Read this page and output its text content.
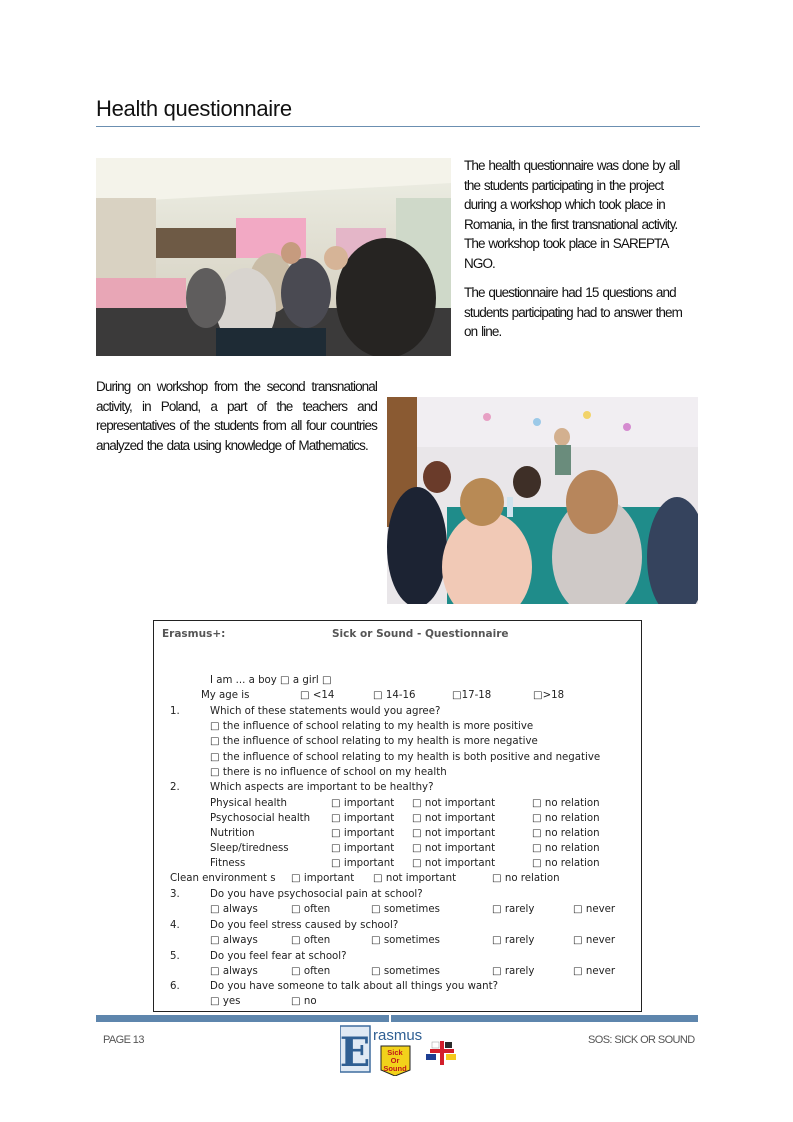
Health questionnaire

The health questionnaire was done by all the students participating in the project during a workshop which took place in Romania, in the first transnational activity. The workshop took place in SAREPTA NGO.

The questionnaire had 15 questions and students participating had to answer them on line.

During on workshop from the second transnational activity, in Poland, a part of the teachers and representatives of the students from all four countries analyzed the data using knowledge of Mathematics.

Erasmus+:	Sick or Sound - Questionnaire
I am ... a boy □ a girl □
My age is	□ <14	□ 14-16	□17-18	□>18
1.	Which of these statements would you agree?
□ the influence of school relating to my health is more positive
□ the influence of school relating to my health is more negative
□ the influence of school relating to my health is both positive and negative
□ there is no influence of school on my health
2.	Which aspects are important to be healthy?
Physical health	□ important □ not important	□ no relation
Psychosocial health □ important □ not important	□ no relation
Nutrition	□ important □ not important	□ no relation
Sleep/tiredness	□ important □ not important	□ no relation
Fitness	□ important □ not important	□ no relation
Clean environment s □ important □ not important	□ no relation
3.	Do you have psychosocial pain at school?
□ always	□ often	□ sometimes	□ rarely	□ never
4.	Do you feel stress caused by school?
□ always	□ often	□ sometimes	□ rarely	□ never
5.	Do you feel fear at school?
□ always	□ often	□ sometimes	□ rarely	□ never
6.	Do you have someone to talk about all things you want?
□ yes	□ no
PAGE 13	SOS: SICK OR SOUND
E rasmus
Sick
Or
Sound
